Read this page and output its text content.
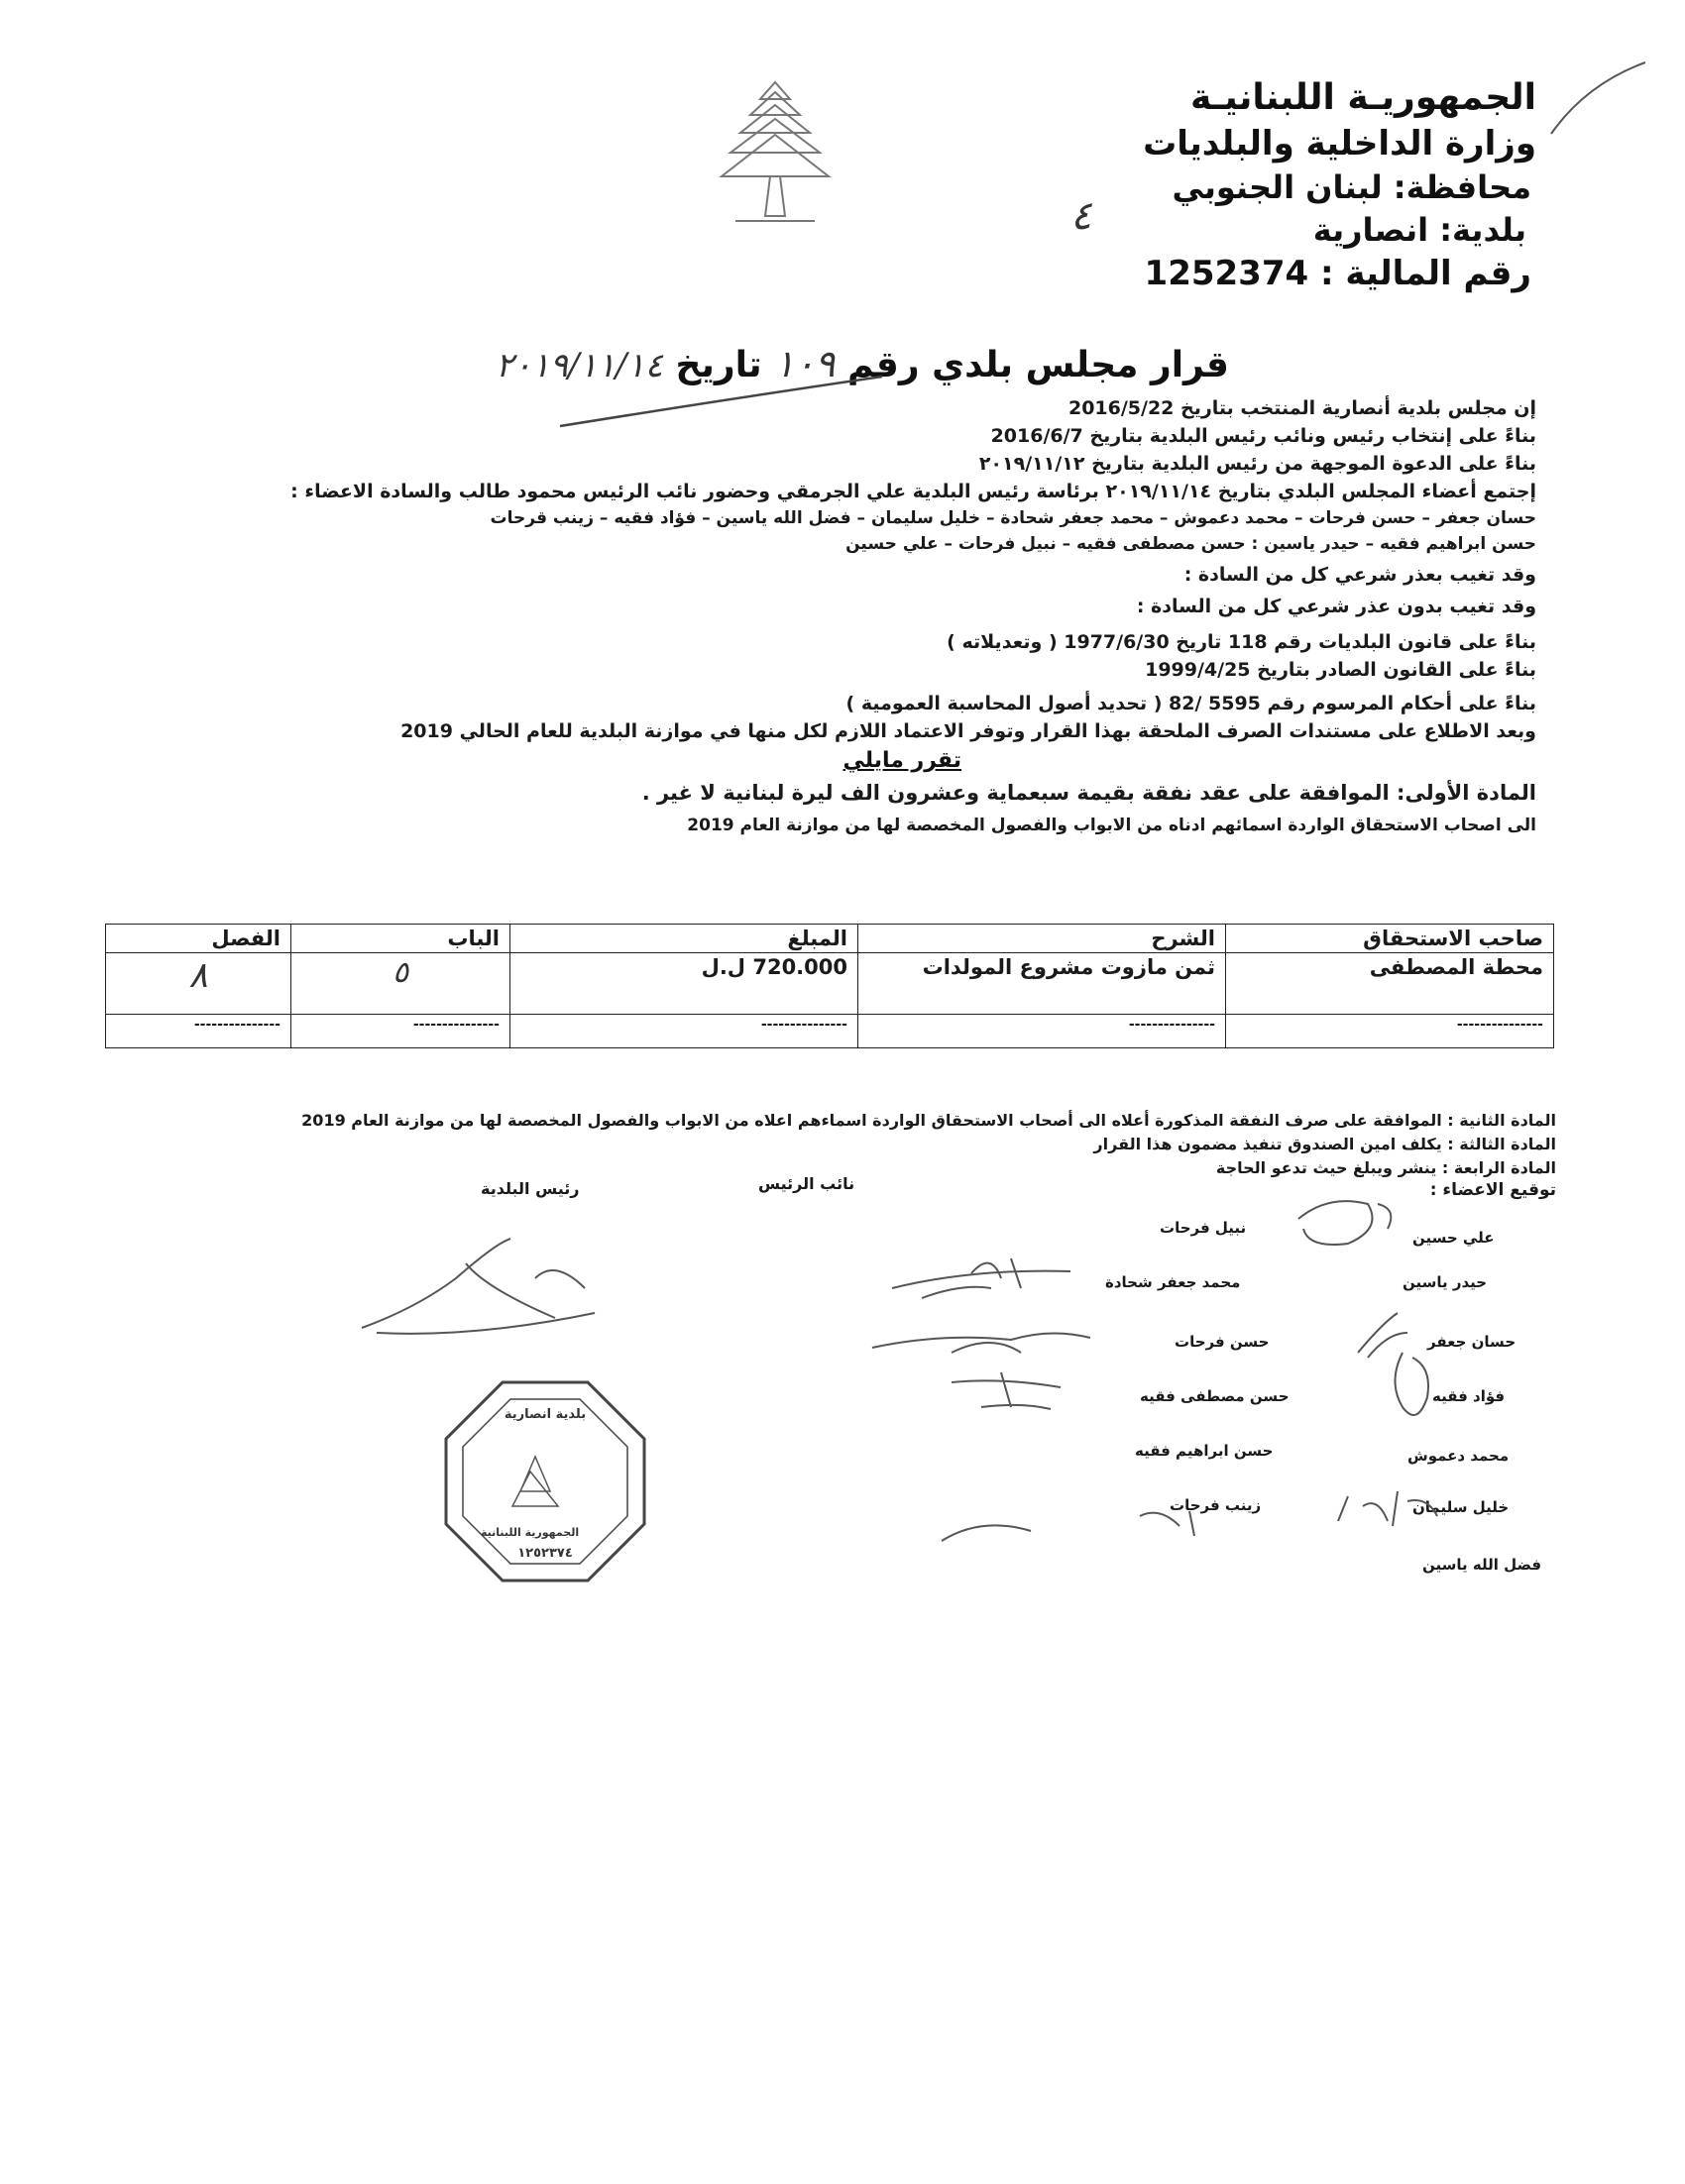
الجمهوريـة اللبنانيـة
وزارة الداخلية والبلديات
محافظة: لبنان الجنوبي
بلدية: انصارية
رقم المالية : 1252374
٤
قرار مجلس بلدي رقم ١٠٩ تاريخ ٢٠١٩/١١/١٤
إن مجلس بلدية أنصارية المنتخب بتاريخ 2016/5/22
بناءً على إنتخاب رئيس ونائب رئيس البلدية بتاريخ 2016/6/7
بناءً على الدعوة الموجهة من رئيس البلدية بتاريخ ٢٠١٩/١١/١٢
إجتمع أعضاء المجلس البلدي بتاريخ ٢٠١٩/١١/١٤ برئاسة رئيس البلدية علي الجرمقي وحضور نائب الرئيس محمود طالب والسادة الاعضاء :
حسان جعفر – حسن فرحات – محمد دعموش – محمد جعفر شحادة – خليل سليمان – فضل الله ياسين – فؤاد فقيه – زينب قرحات
حسن ابراهيم فقيه – حيدر ياسين : حسن مصطفى فقيه – نبيل فرحات – علي حسين
وقد تغيب بعذر شرعي كل من السادة :
وقد تغيب بدون عذر شرعي كل من السادة :
بناءً على قانون البلديات رقم 118 تاريخ 1977/6/30 ( وتعديلاته )
بناءً على القانون الصادر بتاريخ 1999/4/25
بناءً على أحكام المرسوم رقم 5595 /82 ( تحديد أصول المحاسبة العمومية )
وبعد الاطلاع على مستندات الصرف الملحقة بهذا القرار وتوفر الاعتماد اللازم لكل منها في موازنة البلدية للعام الحالي 2019
تقرر مايلي
المادة الأولى: الموافقة على عقد نفقة بقيمة سبعماية وعشرون الف ليرة لبنانية لا غير .
الى اصحاب الاستحقاق الواردة اسمائهم ادناه من الابواب والفصول المخصصة لها من موازنة العام 2019
صاحب الاستحقاق	الشرح	المبلغ	الباب	الفصل
محطة المصطفى	ثمن مازوت مشروع المولدات	720.000 ل.ل	٥	٨
---------------	---------------	---------------	---------------	---------------
المادة الثانية : الموافقة على صرف النفقة المذكورة أعلاه الى أصحاب الاستحقاق الواردة اسماءهم اعلاه من الابواب والفصول المخصصة لها من موازنة العام 2019
المادة الثالثة : يكلف امين الصندوق تنفيذ مضمون هذا القرار
المادة الرابعة : ينشر ويبلغ حيث تدعو الحاجة
توقيع الاعضاء :
رئيس البلدية	نائب الرئيس
علي حسين
حيدر ياسين
حسان جعفر
فؤاد فقيه
محمد دعموش
خليل سليمان
فضل الله ياسين
نبيل فرحات
محمد جعفر شحادة
حسن فرحات
حسن مصطفى فقيه
حسن ابراهيم فقيه
زينب فرحات
بلدية انصارية
الجمهورية اللبنانية
١٢٥٢٣٧٤
